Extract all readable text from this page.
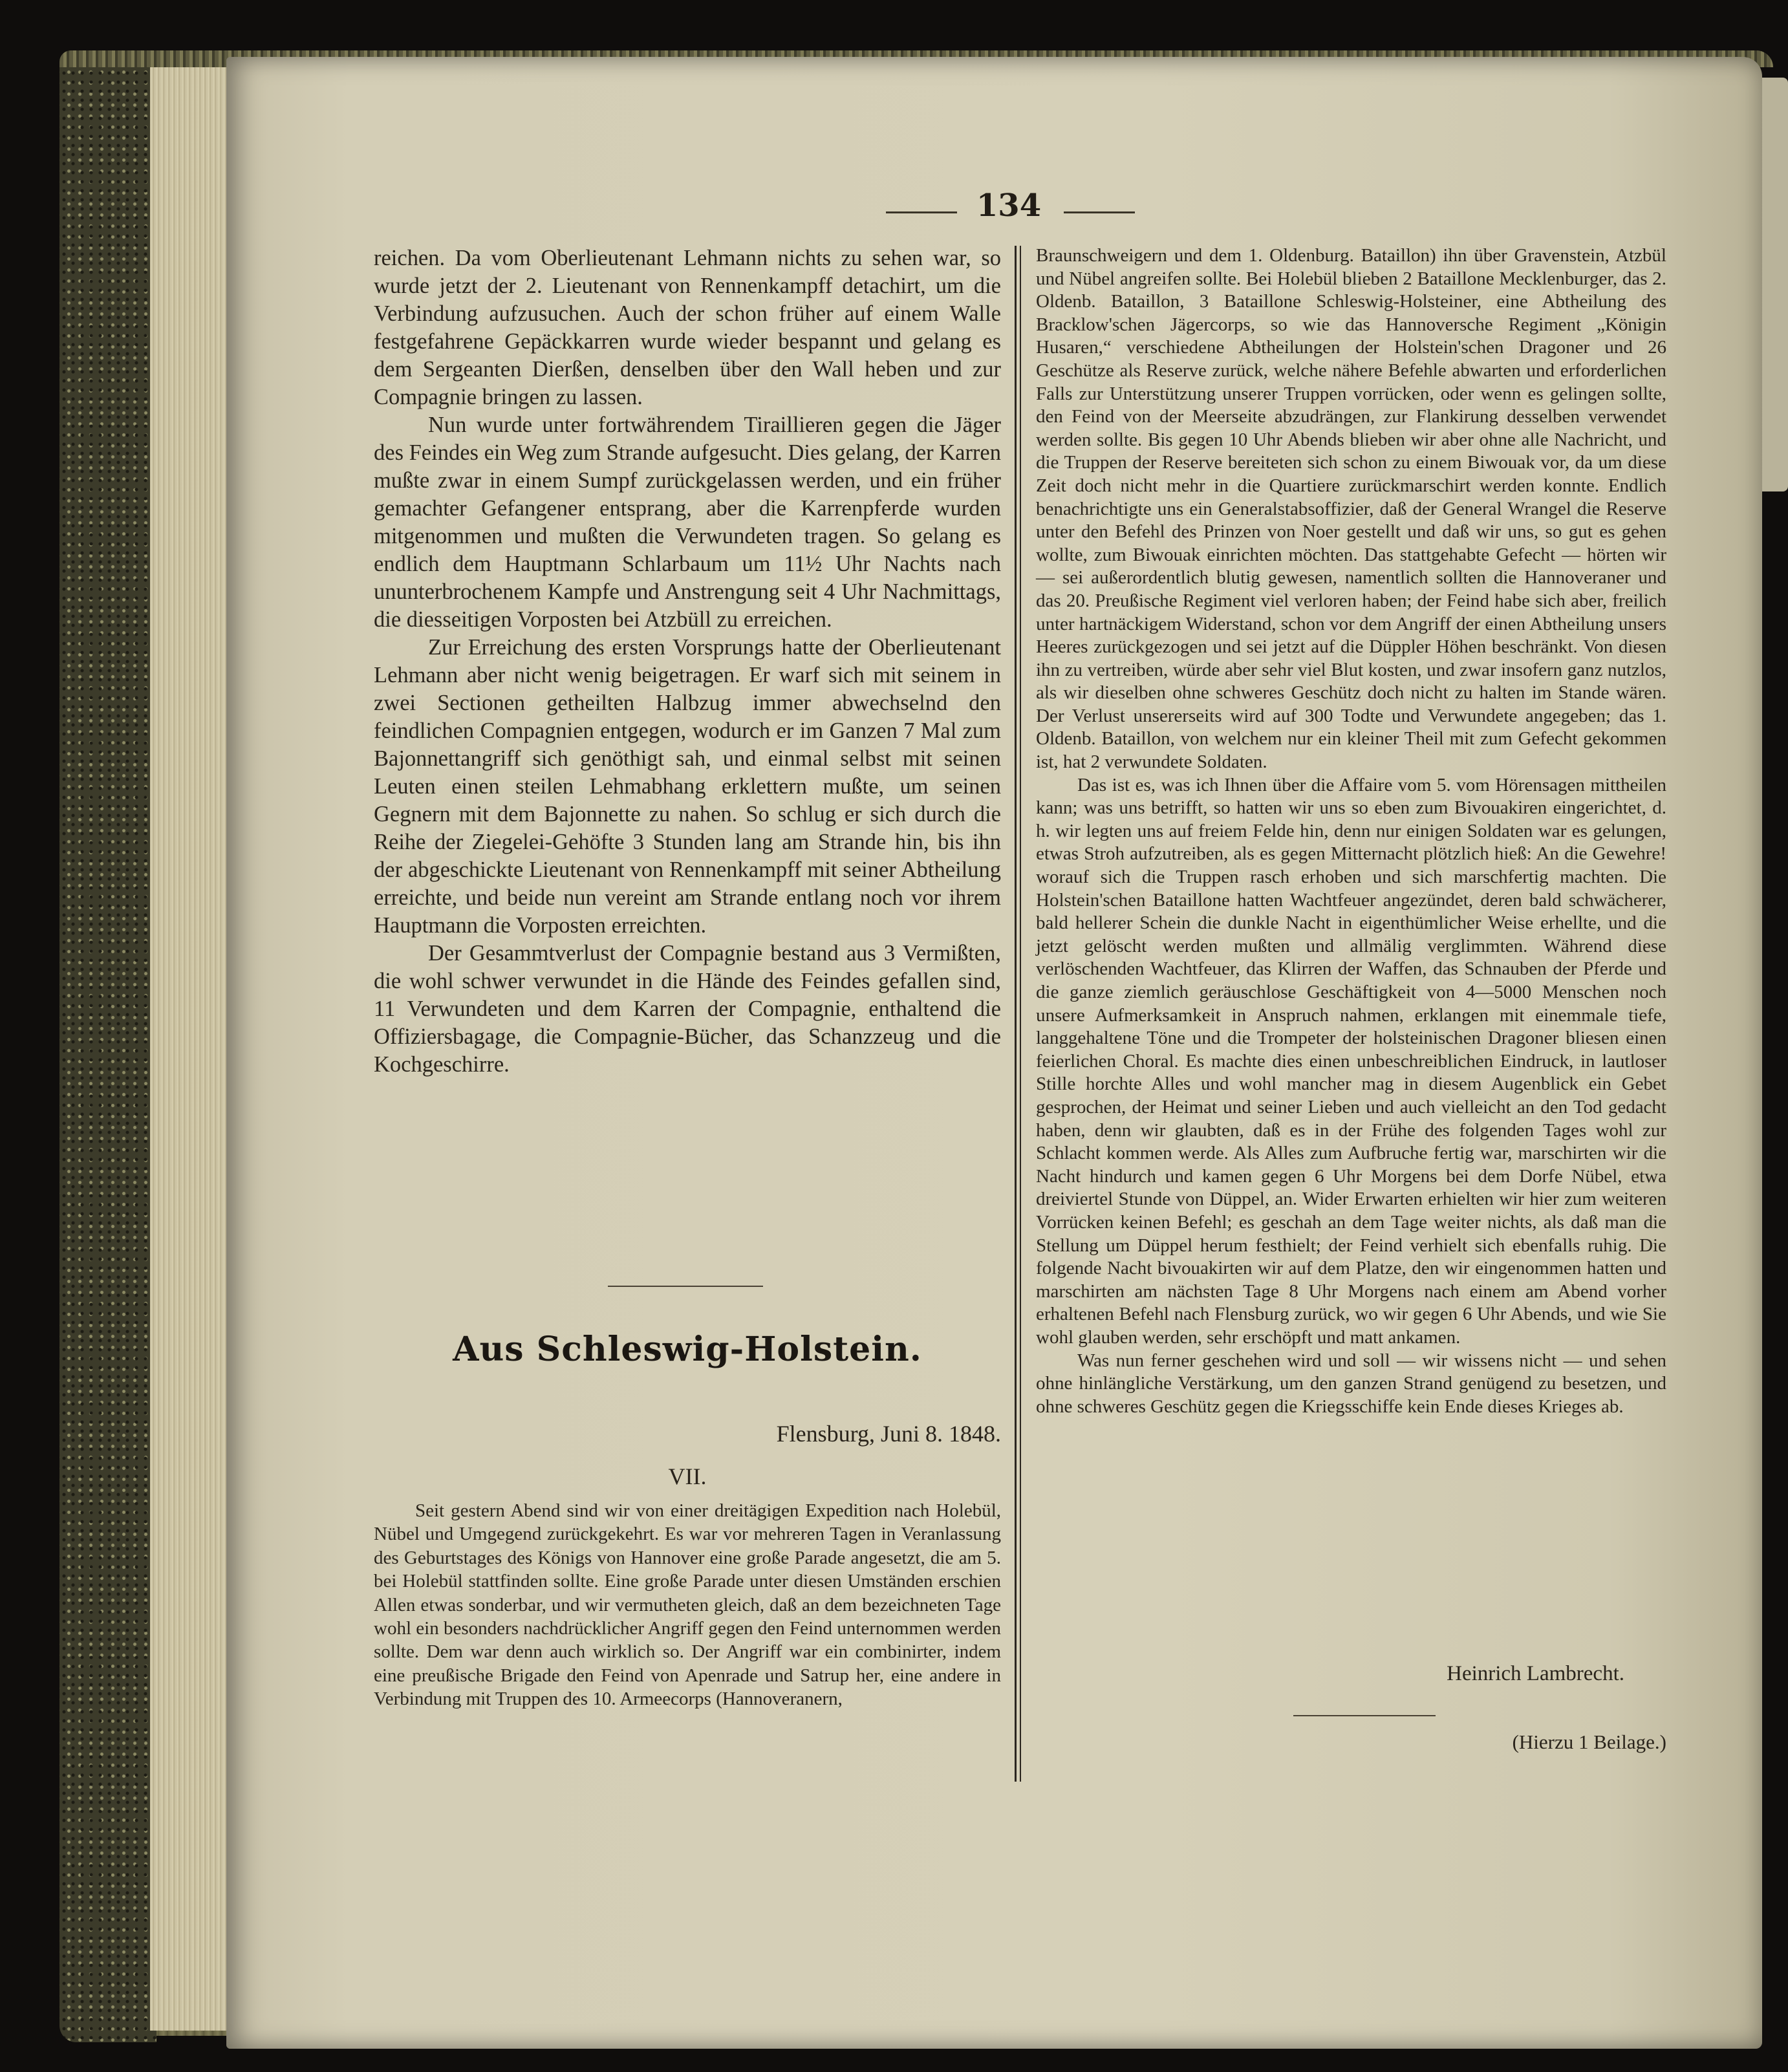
134

reichen. Da vom Oberlieutenant Lehmann nichts zu sehen war, so wurde jetzt der 2. Lieutenant von Rennenkampff detachirt, um die Verbindung aufzusuchen. Auch der schon früher auf einem Walle festgefahrene Gepäckkarren wurde wieder bespannt und gelang es dem Sergeanten Dierßen, denselben über den Wall heben und zur Compagnie bringen zu lassen.

Nun wurde unter fortwährendem Tiraillieren gegen die Jäger des Feindes ein Weg zum Strande aufgesucht. Dies gelang, der Karren mußte zwar in einem Sumpf zurückgelassen werden, und ein früher gemachter Gefangener entsprang, aber die Karrenpferde wurden mitgenommen und mußten die Verwundeten tragen. So gelang es endlich dem Hauptmann Schlarbaum um 11½ Uhr Nachts nach ununterbrochenem Kampfe und Anstrengung seit 4 Uhr Nachmittags, die diesseitigen Vorposten bei Atzbüll zu erreichen.

Zur Erreichung des ersten Vorsprungs hatte der Oberlieutenant Lehmann aber nicht wenig beigetragen. Er warf sich mit seinem in zwei Sectionen getheilten Halbzug immer abwechselnd den feindlichen Compagnien entgegen, wodurch er im Ganzen 7 Mal zum Bajonnettangriff sich genöthigt sah, und einmal selbst mit seinen Leuten einen steilen Lehmabhang erklettern mußte, um seinen Gegnern mit dem Bajonnette zu nahen. So schlug er sich durch die Reihe der Ziegelei-Gehöfte 3 Stunden lang am Strande hin, bis ihn der abgeschickte Lieutenant von Rennenkampff mit seiner Abtheilung erreichte, und beide nun vereint am Strande entlang noch vor ihrem Hauptmann die Vorposten erreichten.

Der Gesammtverlust der Compagnie bestand aus 3 Vermißten, die wohl schwer verwundet in die Hände des Feindes gefallen sind, 11 Verwundeten und dem Karren der Compagnie, enthaltend die Offiziersbagage, die Compagnie-Bücher, das Schanzzeug und die Kochgeschirre.

Aus Schleswig-Holstein.
Flensburg, Juni 8. 1848.
VII.

Seit gestern Abend sind wir von einer dreitägigen Expedition nach Holebül, Nübel und Umgegend zurückgekehrt. Es war vor mehreren Tagen in Veranlassung des Geburtstages des Königs von Hannover eine große Parade angesetzt, die am 5. bei Holebül stattfinden sollte. Eine große Parade unter diesen Umständen erschien Allen etwas sonderbar, und wir vermutheten gleich, daß an dem bezeichneten Tage wohl ein besonders nachdrücklicher Angriff gegen den Feind unternommen werden sollte. Dem war denn auch wirklich so. Der Angriff war ein combinirter, indem eine preußische Brigade den Feind von Apenrade und Satrup her, eine andere in Verbindung mit Truppen des 10. Armeecorps (Hannoveranern,

Braunschweigern und dem 1. Oldenburg. Bataillon) ihn über Gravenstein, Atzbül und Nübel angreifen sollte. Bei Holebül blieben 2 Bataillone Mecklenburger, das 2. Oldenb. Bataillon, 3 Bataillone Schleswig-Holsteiner, eine Abtheilung des Bracklow'schen Jägercorps, so wie das Hannoversche Regiment „Königin Husaren,“ verschiedene Abtheilungen der Holstein'schen Dragoner und 26 Geschütze als Reserve zurück, welche nähere Befehle abwarten und erforderlichen Falls zur Unterstützung unserer Truppen vorrücken, oder wenn es gelingen sollte, den Feind von der Meerseite abzudrängen, zur Flankirung desselben verwendet werden sollte. Bis gegen 10 Uhr Abends blieben wir aber ohne alle Nachricht, und die Truppen der Reserve bereiteten sich schon zu einem Biwouak vor, da um diese Zeit doch nicht mehr in die Quartiere zurückmarschirt werden konnte. Endlich benachrichtigte uns ein Generalstabsoffizier, daß der General Wrangel die Reserve unter den Befehl des Prinzen von Noer gestellt und daß wir uns, so gut es gehen wollte, zum Biwouak einrichten möchten. Das stattgehabte Gefecht — hörten wir — sei außerordentlich blutig gewesen, namentlich sollten die Hannoveraner und das 20. Preußische Regiment viel verloren haben; der Feind habe sich aber, freilich unter hartnäckigem Widerstand, schon vor dem Angriff der einen Abtheilung unsers Heeres zurückgezogen und sei jetzt auf die Düppler Höhen beschränkt. Von diesen ihn zu vertreiben, würde aber sehr viel Blut kosten, und zwar insofern ganz nutzlos, als wir dieselben ohne schweres Geschütz doch nicht zu halten im Stande wären. Der Verlust unsererseits wird auf 300 Todte und Verwundete angegeben; das 1. Oldenb. Bataillon, von welchem nur ein kleiner Theil mit zum Gefecht gekommen ist, hat 2 verwundete Soldaten.

Das ist es, was ich Ihnen über die Affaire vom 5. vom Hörensagen mittheilen kann; was uns betrifft, so hatten wir uns so eben zum Bivouakiren eingerichtet, d. h. wir legten uns auf freiem Felde hin, denn nur einigen Soldaten war es gelungen, etwas Stroh aufzutreiben, als es gegen Mitternacht plötzlich hieß: An die Gewehre! worauf sich die Truppen rasch erhoben und sich marschfertig machten. Die Holstein'schen Bataillone hatten Wachtfeuer angezündet, deren bald schwächerer, bald hellerer Schein die dunkle Nacht in eigenthümlicher Weise erhellte, und die jetzt gelöscht werden mußten und allmälig verglimmten. Während diese verlöschenden Wachtfeuer, das Klirren der Waffen, das Schnauben der Pferde und die ganze ziemlich geräuschlose Geschäftigkeit von 4—5000 Menschen noch unsere Aufmerksamkeit in Anspruch nahmen, erklangen mit einemmale tiefe, langgehaltene Töne und die Trompeter der holsteinischen Dragoner bliesen einen feierlichen Choral. Es machte dies einen unbeschreiblichen Eindruck, in lautloser Stille horchte Alles und wohl mancher mag in diesem Augenblick ein Gebet gesprochen, der Heimat und seiner Lieben und auch vielleicht an den Tod gedacht haben, denn wir glaubten, daß es in der Frühe des folgenden Tages wohl zur Schlacht kommen werde. Als Alles zum Aufbruche fertig war, marschirten wir die Nacht hindurch und kamen gegen 6 Uhr Morgens bei dem Dorfe Nübel, etwa dreiviertel Stunde von Düppel, an. Wider Erwarten erhielten wir hier zum weiteren Vorrücken keinen Befehl; es geschah an dem Tage weiter nichts, als daß man die Stellung um Düppel herum festhielt; der Feind verhielt sich ebenfalls ruhig. Die folgende Nacht bivouakirten wir auf dem Platze, den wir eingenommen hatten und marschirten am nächsten Tage 8 Uhr Morgens nach einem am Abend vorher erhaltenen Befehl nach Flensburg zurück, wo wir gegen 6 Uhr Abends, und wie Sie wohl glauben werden, sehr erschöpft und matt ankamen.

Was nun ferner geschehen wird und soll — wir wissens nicht — und sehen ohne hinlängliche Verstärkung, um den ganzen Strand genügend zu besetzen, und ohne schweres Geschütz gegen die Kriegsschiffe kein Ende dieses Krieges ab.

Heinrich Lambrecht.
(Hierzu 1 Beilage.)
